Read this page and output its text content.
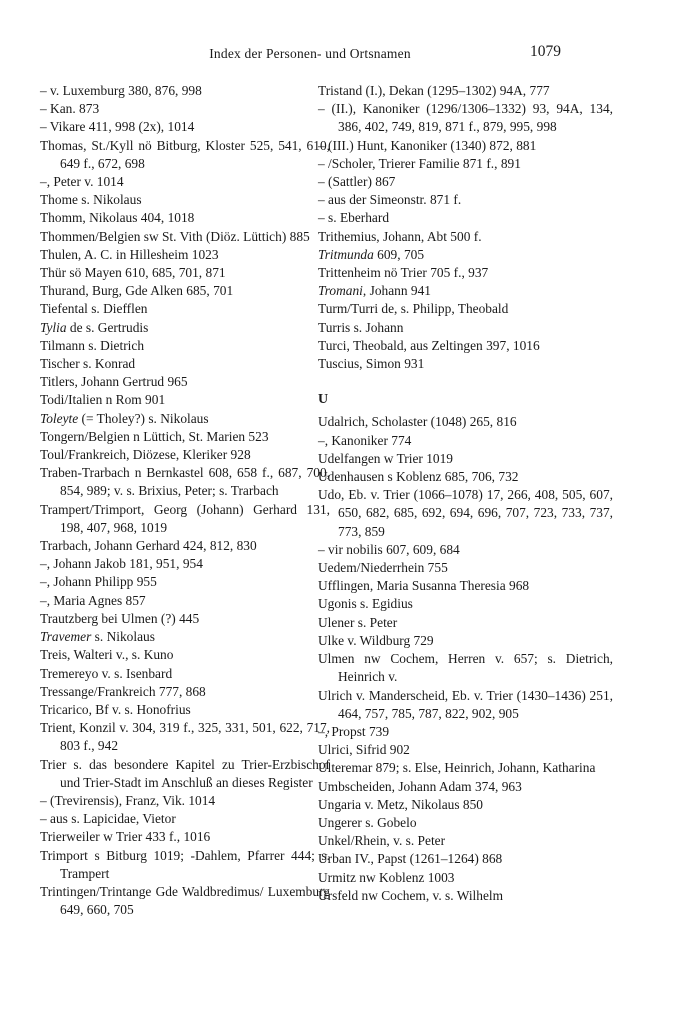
Index der Personen- und Ortsnamen	1079

– v. Luxemburg 380, 876, 998

– Kan. 873

– Vikare 411, 998 (2x), 1014

Thomas, St./Kyll nö Bitburg, Kloster 525, 541, 610, 649 f., 672, 698

–, Peter v. 1014

Thome s. Nikolaus

Thomm, Nikolaus 404, 1018

Thommen/Belgien sw St. Vith (Diöz. Lüttich) 885

Thulen, A. C. in Hillesheim 1023

Thür sö Mayen 610, 685, 701, 871

Thurand, Burg, Gde Alken 685, 701

Tiefental s. Diefflen

Tylia de s. Gertrudis

Tilmann s. Dietrich

Tischer s. Konrad

Titlers, Johann Gertrud 965

Todi/Italien n Rom 901

Toleyte (= Tholey?) s. Nikolaus

Tongern/Belgien n Lüttich, St. Marien 523

Toul/Frankreich, Diözese, Kleriker 928

Traben-Trarbach n Bernkastel 608, 658 f., 687, 700, 854, 989; v. s. Brixius, Peter; s. Trarbach

Trampert/Trimport, Georg (Johann) Gerhard 131, 198, 407, 968, 1019

Trarbach, Johann Gerhard 424, 812, 830

–, Johann Jakob 181, 951, 954

–, Johann Philipp 955

–, Maria Agnes 857

Trautzberg bei Ulmen (?) 445

Travemer s. Nikolaus

Treis, Walteri v., s. Kuno

Tremereyo v. s. Isenbard

Tressange/Frankreich 777, 868

Tricarico, Bf v. s. Honofrius

Trient, Konzil v. 304, 319 f., 325, 331, 501, 622, 717, 803 f., 942

Trier s. das besondere Kapitel zu Trier-Erzbischof und Trier-Stadt im Anschluß an dieses Register

– (Trevirensis), Franz, Vik. 1014

– aus s. Lapicidae, Vietor

Trierweiler w Trier 433 f., 1016

Trimport s Bitburg 1019; -Dahlem, Pfarrer 444; s. Trampert

Trintingen/Trintange Gde Waldbredimus/ Luxemburg 649, 660, 705

Tristand (I.), Dekan (1295–1302) 94A, 777

– (II.), Kanoniker (1296/1306–1332) 93, 94A, 134, 386, 402, 749, 819, 871 f., 879, 995, 998

– (III.) Hunt, Kanoniker (1340) 872, 881

– /Scholer, Trierer Familie 871 f., 891

– (Sattler) 867

– aus der Simeonstr. 871 f.

– s. Eberhard

Trithemius, Johann, Abt 500 f.

Tritmunda 609, 705

Trittenheim nö Trier 705 f., 937

Tromani, Johann 941

Turm/Turri de, s. Philipp, Theobald

Turris s. Johann

Turci, Theobald, aus Zeltingen 397, 1016

Tuscius, Simon 931

U

Udalrich, Scholaster (1048) 265, 816

–, Kanoniker 774

Udelfangen w Trier 1019

Udenhausen s Koblenz 685, 706, 732

Udo, Eb. v. Trier (1066–1078) 17, 266, 408, 505, 607, 650, 682, 685, 692, 694, 696, 707, 723, 733, 737, 773, 859

– vir nobilis 607, 609, 684

Uedem/Niederrhein 755

Ufflingen, Maria Susanna Theresia 968

Ugonis s. Egidius

Ulener s. Peter

Ulke v. Wildburg 729

Ulmen nw Cochem, Herren v. 657; s. Dietrich, Heinrich v.

Ulrich v. Manderscheid, Eb. v. Trier (1430–1436) 251, 464, 757, 785, 787, 822, 902, 905

–, Propst 739

Ulrici, Sifrid 902

Ulteremar 879; s. Else, Heinrich, Johann, Katharina

Umbscheiden, Johann Adam 374, 963

Ungaria v. Metz, Nikolaus 850

Ungerer s. Gobelo

Unkel/Rhein, v. s. Peter

Urban IV., Papst (1261–1264) 868

Urmitz nw Koblenz 1003

Ürsfeld nw Cochem, v. s. Wilhelm
